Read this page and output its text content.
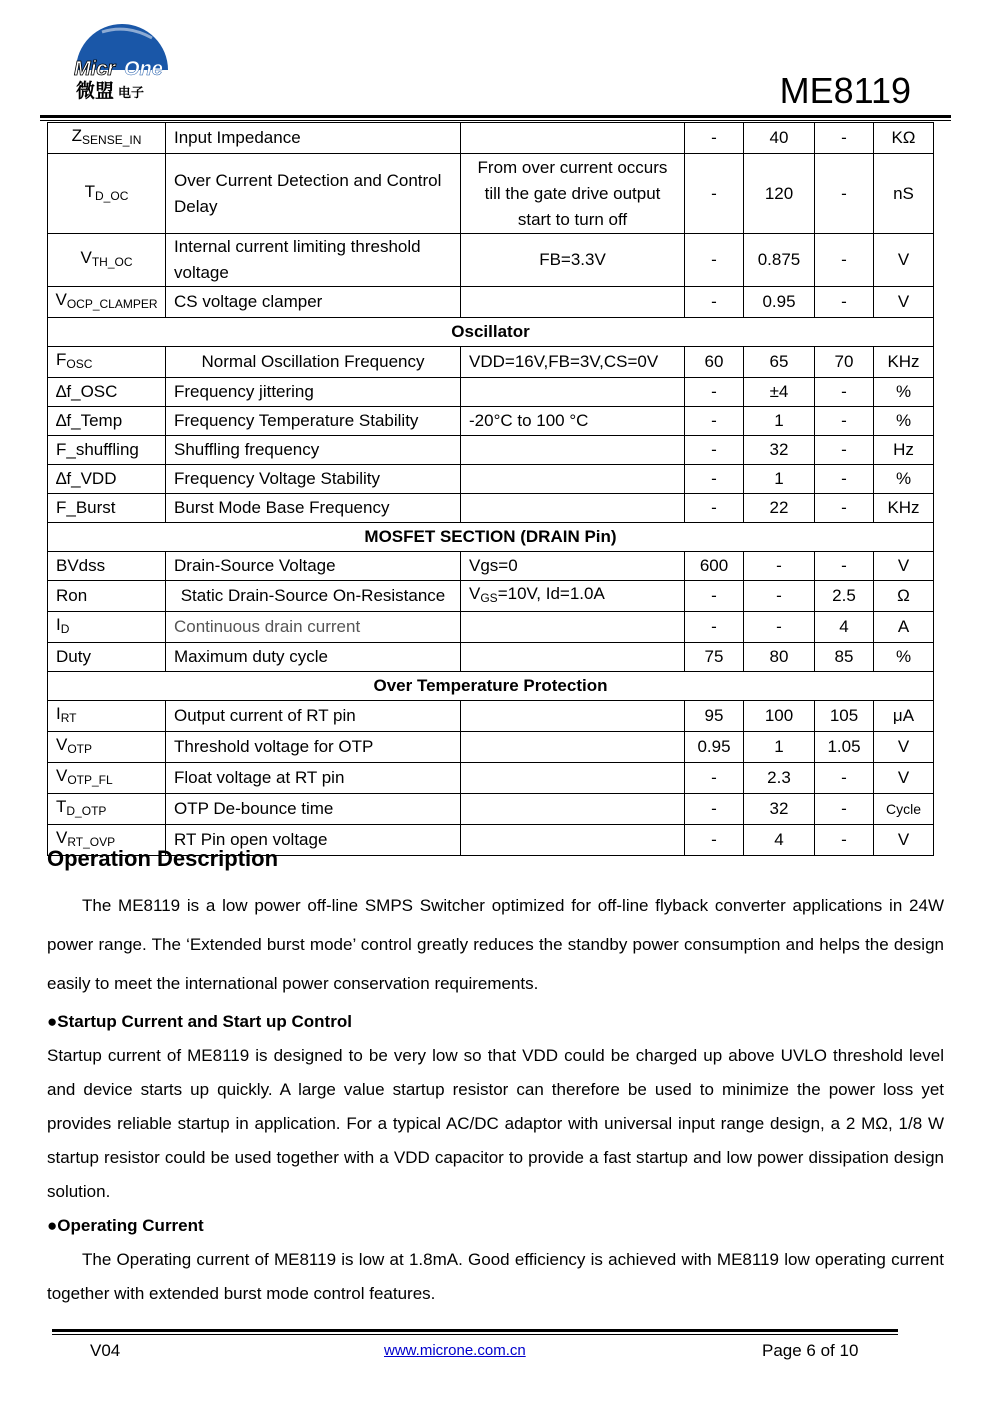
Micr One
微盟 电子	ME8119
$Z_{SENSE\_IN}$	Input Impedance		-	40	-	KΩ
$T_{D\_OC}$	Over Current Detection and Control Delay	From over current occurs till the gate drive output start to turn off	-	120	-	nS
$V_{TH\_OC}$	Internal current limiting threshold voltage	FB=3.3V	-	0.875	-	V
$V_{OCP\_CLAMPER}$	CS voltage clamper		-	0.95	-	V
Oscillator						
$F_{OSC}$	Normal Oscillation Frequency	VDD=16V,FB=3V,CS=0V	60	65	70	KHz
∆f_OSC	Frequency jittering		-	±4	-	%
∆f_Temp	Frequency Temperature Stability	-20°C to 100 °C	-	1	-	%
F_shuffling	Shuffling frequency		-	32	-	Hz
∆f_VDD	Frequency Voltage Stability		-	1	-	%
F_Burst	Burst Mode Base Frequency		-	22	-	KHz
MOSFET SECTION (DRAIN Pin)						
BVdss	Drain-Source Voltage	Vgs=0	600	-	-	V
Ron	Static Drain-Source On-Resistance	$V_{GS}=10V$, Id=1.0A	-	-	2.5	Ω
$I_D$	Continuous drain current		-	-	4	A
Duty	Maximum duty cycle		75	80	85	%
Over Temperature Protection						
$I_{RT}$	Output current of RT pin		95	100	105	μA
$V_{OTP}$	Threshold voltage for OTP		0.95	1	1.05	V
$V_{OTP\_FL}$	Float voltage at RT pin		-	2.3	-	V
$T_{D\_OTP}$	OTP De-bounce time		-	32	-	Cycle
$V_{RT\_OVP}$	RT Pin open voltage		-	4	-	V
Operation Description

The ME8119 is a low power off-line SMPS Switcher optimized for off-line flyback converter applications in 24W power range. The ‘Extended burst mode’ control greatly reduces the standby power consumption and helps the design easily to meet the international power conservation requirements.

●Startup Current and Start up Control

Startup current of ME8119 is designed to be very low so that VDD could be charged up above UVLO threshold level and device starts up quickly. A large value startup resistor can therefore be used to minimize the power loss yet provides reliable startup in application. For a typical AC/DC adaptor with universal input range design, a 2 MΩ, 1/8 W startup resistor could be used together with a VDD capacitor to provide a fast startup and low power dissipation design solution.

●Operating Current

The Operating current of ME8119 is low at 1.8mA. Good efficiency is achieved with ME8119 low operating current together with extended burst mode control features.

V04	www.microne.com.cn	Page 6 of 10
